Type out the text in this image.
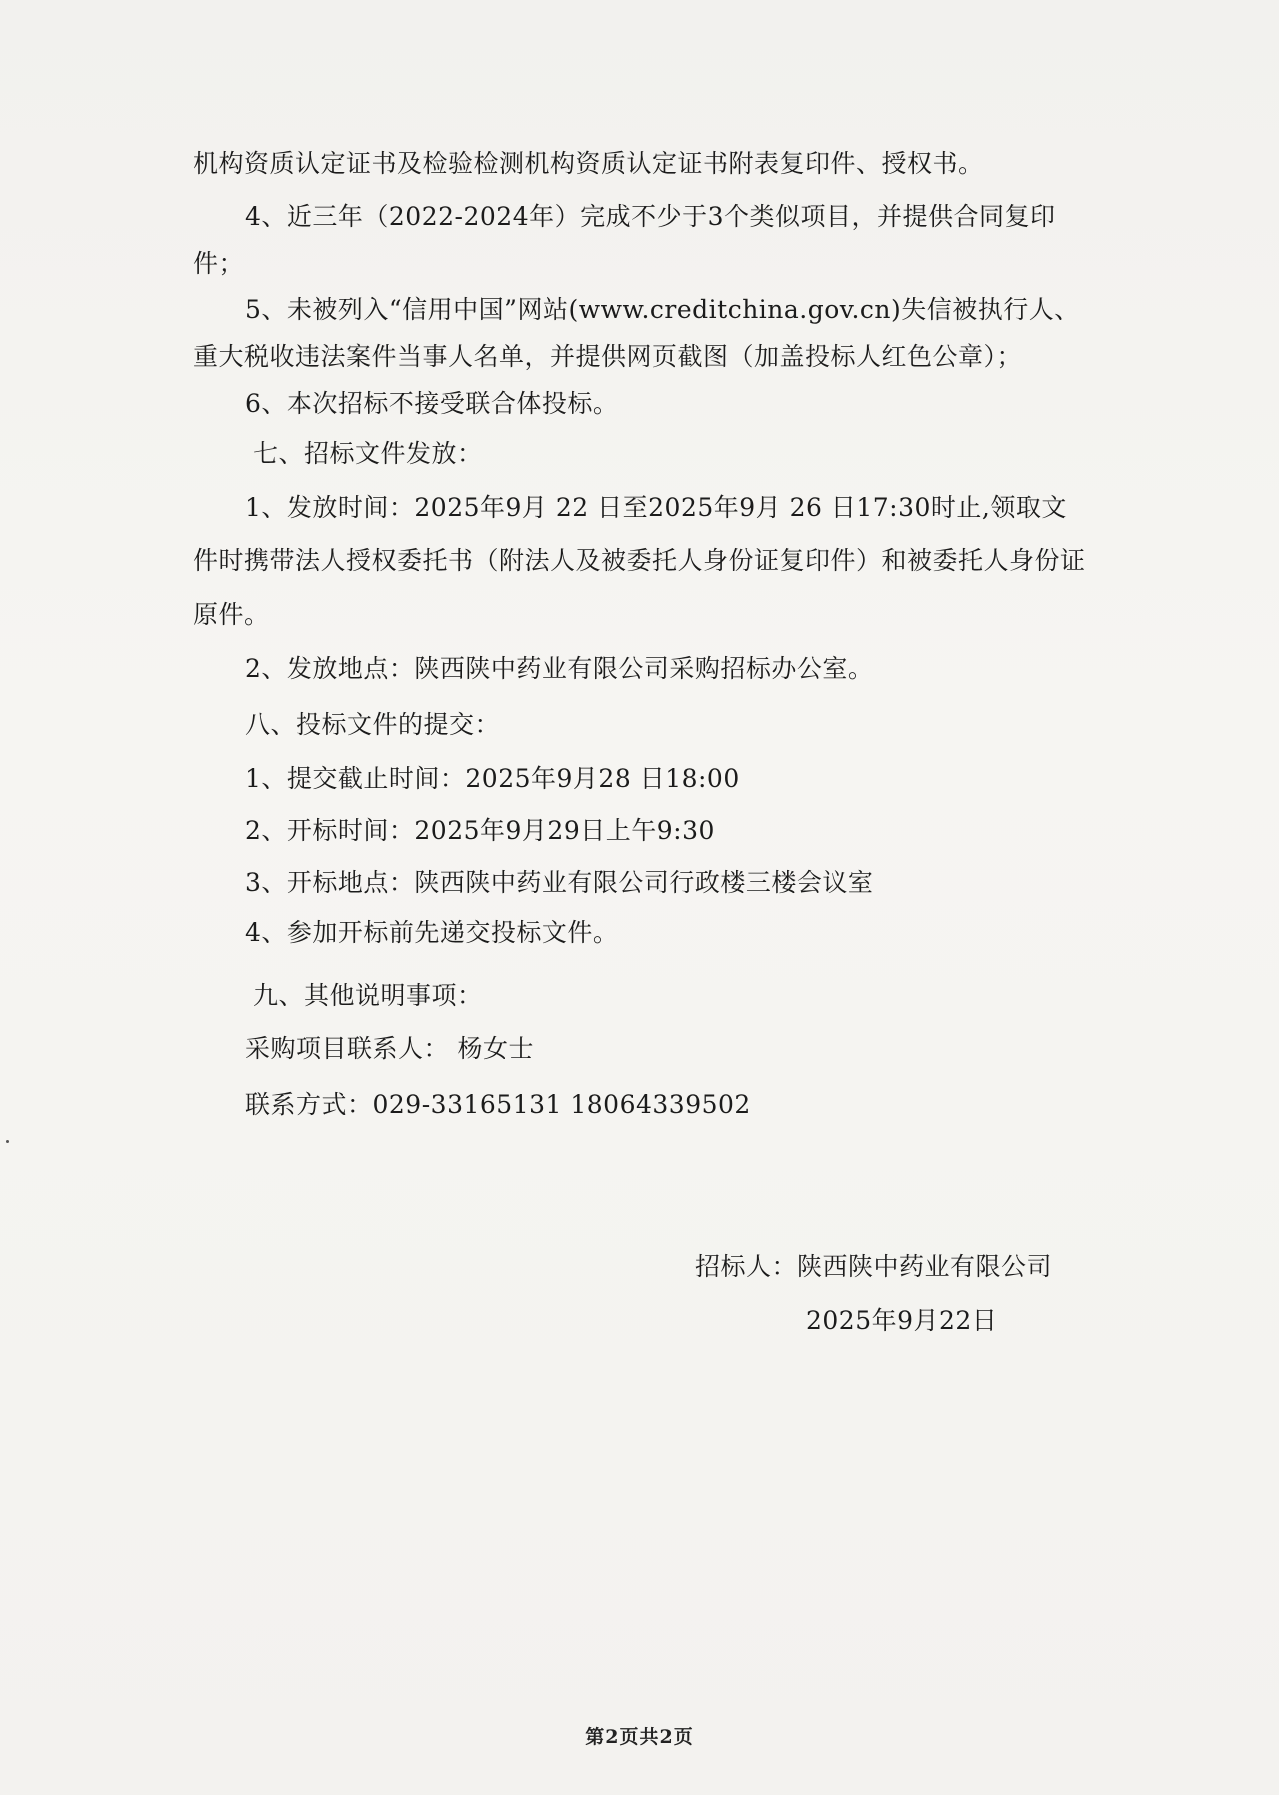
机构资质认定证书及检验检测机构资质认定证书附表复印件、授权书。
4、近三年（2022-2024年）完成不少于3个类似项目，并提供合同复印
件；
5、未被列入“信用中国”网站(www.creditchina.gov.cn)失信被执行人、
重大税收违法案件当事人名单，并提供网页截图（加盖投标人红色公章）；
6、本次招标不接受联合体投标。
七、招标文件发放：
1、发放时间：2025年9月 22 日至2025年9月 26 日17:30时止,领取文
件时携带法人授权委托书（附法人及被委托人身份证复印件）和被委托人身份证
原件。
2、发放地点：陕西陕中药业有限公司采购招标办公室。
八、投标文件的提交：
1、提交截止时间：2025年9月28 日18:00
2、开标时间：2025年9月29日上午9:30
3、开标地点：陕西陕中药业有限公司行政楼三楼会议室
4、参加开标前先递交投标文件。
九、其他说明事项：
采购项目联系人： 杨女士
联系方式：029-33165131 18064339502
招标人：陕西陕中药业有限公司
2025年9月22日
第2页共2页
